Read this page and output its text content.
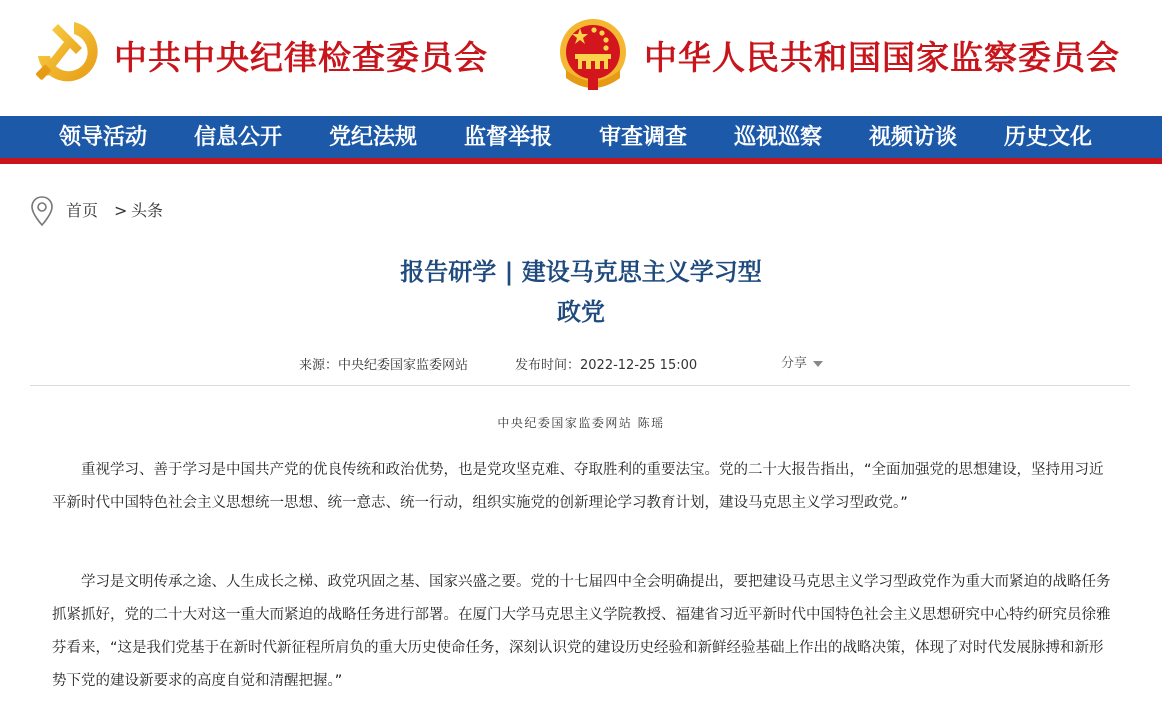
中共中央纪律检查委员会	中华人民共和国国家监察委员会
领导活动 信息公开 党纪法规 监督举报 审查调查 巡视巡察 视频访谈 历史文化
首页 > 头条
报告研学 | 建设马克思主义学习型
政党
来源：中央纪委国家监委网站	发布时间：2022-12-25 15:00	分享
中央纪委国家监委网站 陈瑶
重视学习、善于学习是中国共产党的优良传统和政治优势，也是党攻坚克难、夺取胜利的重要法宝。党的二十大报告指出，“全面加强党的思想建设，坚持用习近平新时代中国特色社会主义思想统一思想、统一意志、统一行动，组织实施党的创新理论学习教育计划，建设马克思主义学习型政党。”
学习是文明传承之途、人生成长之梯、政党巩固之基、国家兴盛之要。党的十七届四中全会明确提出，要把建设马克思主义学习型政党作为重大而紧迫的战略任务抓紧抓好，党的二十大对这一重大而紧迫的战略任务进行部署。在厦门大学马克思主义学院教授、福建省习近平新时代中国特色社会主义思想研究中心特约研究员徐雅芬看来，“这是我们党基于在新时代新征程所肩负的重大历史使命任务，深刻认识党的建设历史经验和新鲜经验基础上作出的战略决策，体现了对时代发展脉搏和新形势下党的建设新要求的高度自觉和清醒把握。”
